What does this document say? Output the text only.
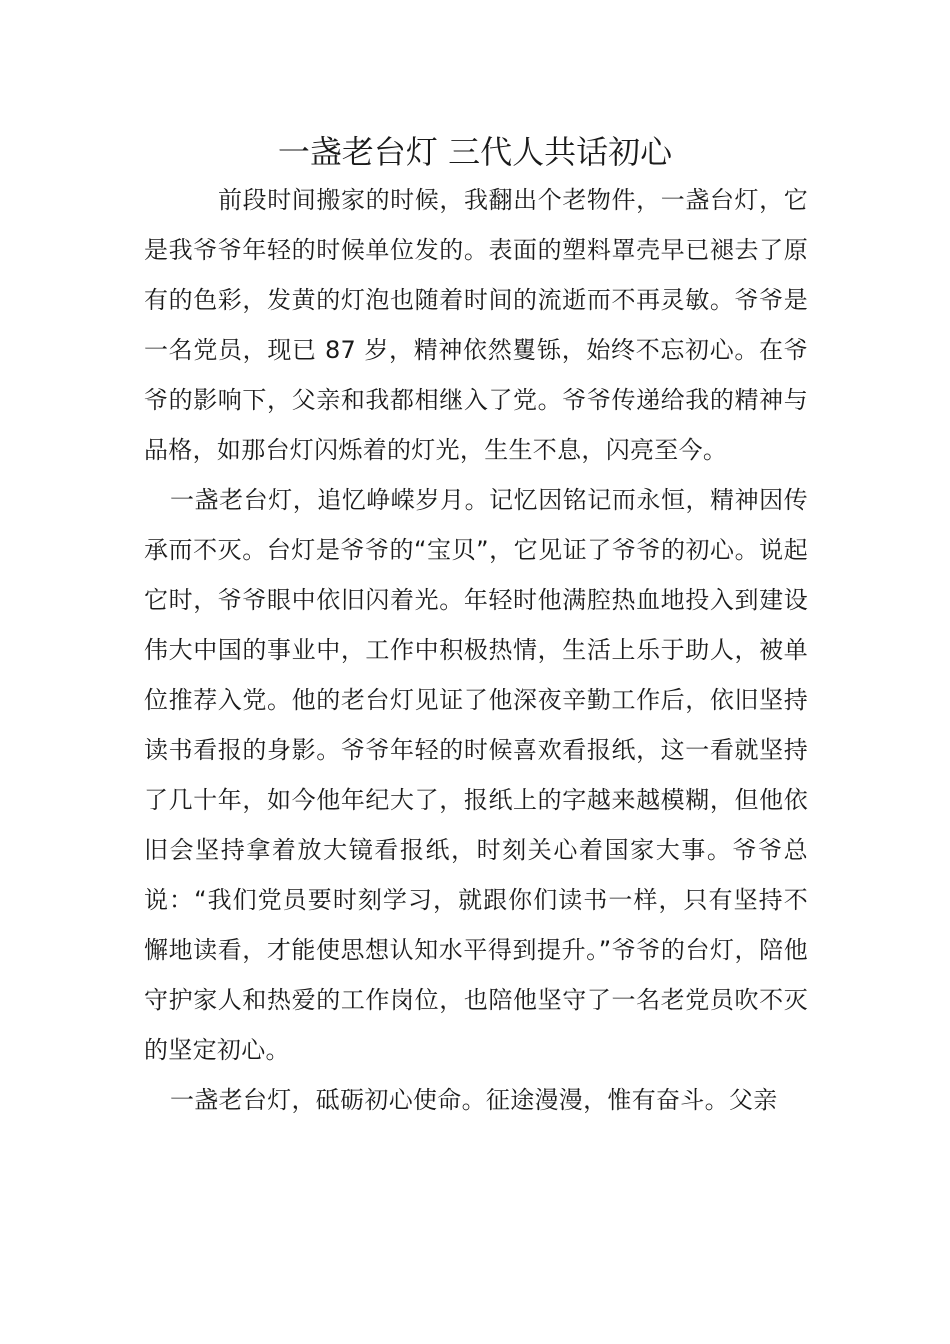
一盏老台灯 三代人共话初心

前段时间搬家的时候，我翻出个老物件，一盏台灯，它是我爷爷年轻的时候单位发的。表面的塑料罩壳早已褪去了原有的色彩，发黄的灯泡也随着时间的流逝而不再灵敏。爷爷是一名党员，现已 87 岁，精神依然矍铄，始终不忘初心。在爷爷的影响下，父亲和我都相继入了党。爷爷传递给我的精神与品格，如那台灯闪烁着的灯光，生生不息，闪亮至今。

一盏老台灯，追忆峥嵘岁月。记忆因铭记而永恒，精神因传承而不灭。台灯是爷爷的“宝贝”，它见证了爷爷的初心。说起它时，爷爷眼中依旧闪着光。年轻时他满腔热血地投入到建设伟大中国的事业中，工作中积极热情，生活上乐于助人，被单位推荐入党。他的老台灯见证了他深夜辛勤工作后，依旧坚持读书看报的身影。爷爷年轻的时候喜欢看报纸，这一看就坚持了几十年，如今他年纪大了，报纸上的字越来越模糊，但他依旧会坚持拿着放大镜看报纸，时刻关心着国家大事。爷爷总说：“我们党员要时刻学习，就跟你们读书一样，只有坚持不懈地读看，才能使思想认知水平得到提升。”爷爷的台灯，陪他守护家人和热爱的工作岗位，也陪他坚守了一名老党员吹不灭的坚定初心。

一盏老台灯，砥砺初心使命。征途漫漫，惟有奋斗。父亲
